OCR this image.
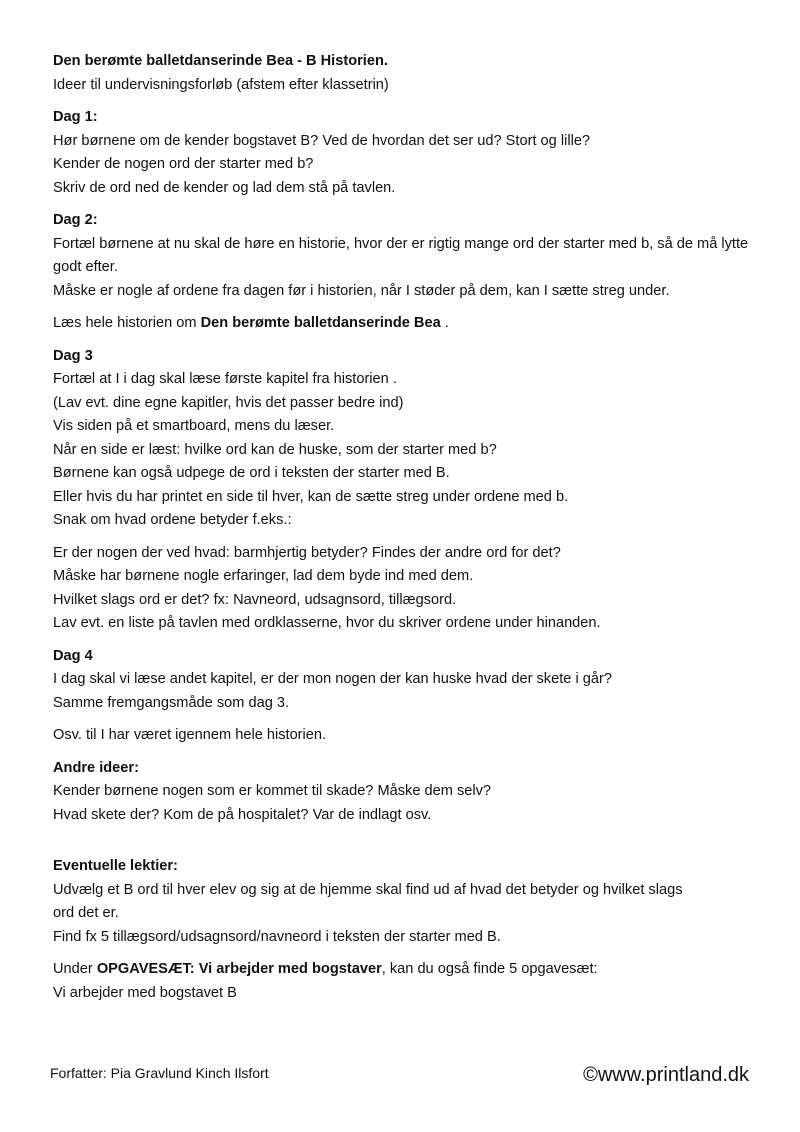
Den berømte balletdanserinde Bea - B Historien.

Ideer til undervisningsforløb (afstem efter klassetrin)

Dag 1:

Hør børnene om de kender bogstavet B? Ved de hvordan det ser ud? Stort og lille?

Kender de nogen ord der starter med b?

Skriv de ord ned de kender og lad dem stå på tavlen.

Dag 2:

Fortæl børnene at nu skal de høre en historie, hvor der er rigtig mange ord der starter med b, så de må lytte godt efter.

Måske er nogle af ordene fra dagen før i historien, når I støder på dem, kan I sætte streg under.

Læs hele historien om Den berømte balletdanserinde Bea .

Dag 3

Fortæl at I i dag skal læse første kapitel fra historien .

(Lav evt. dine egne kapitler, hvis det passer bedre ind)

Vis siden på et smartboard, mens du læser.

Når en side er læst: hvilke ord kan de huske, som der starter med b?

Børnene kan også udpege de ord i teksten der starter med B.

Eller hvis du har printet en side til hver, kan de sætte streg under ordene med b.

Snak om hvad ordene betyder f.eks.:

Er der nogen der ved hvad: barmhjertig betyder? Findes der andre ord for det?

Måske har børnene nogle erfaringer, lad dem byde ind med dem.

Hvilket slags ord er det? fx: Navneord, udsagnsord, tillægsord.

Lav evt. en liste på tavlen med ordklasserne, hvor du skriver ordene under hinanden.

Dag 4

I dag skal vi læse andet kapitel, er der mon nogen der kan huske hvad der skete i går?

Samme fremgangsmåde som dag 3.

Osv. til I har været igennem hele historien.

Andre ideer:

Kender børnene nogen som er kommet til skade? Måske dem selv?

Hvad skete der? Kom de på hospitalet? Var de indlagt osv.

Eventuelle lektier:

Udvælg et B ord til hver elev og sig at de hjemme skal find ud af hvad det betyder og hvilket slags

ord det er.

Find fx 5 tillægsord/udsagnsord/navneord i teksten der starter med B.

Under OPGAVESÆT: Vi arbejder med bogstaver, kan du også finde 5 opgavesæt:

Vi arbejder med bogstavet B

Forfatter: Pia Gravlund Kinch Ilsfort	©www.printland.dk
